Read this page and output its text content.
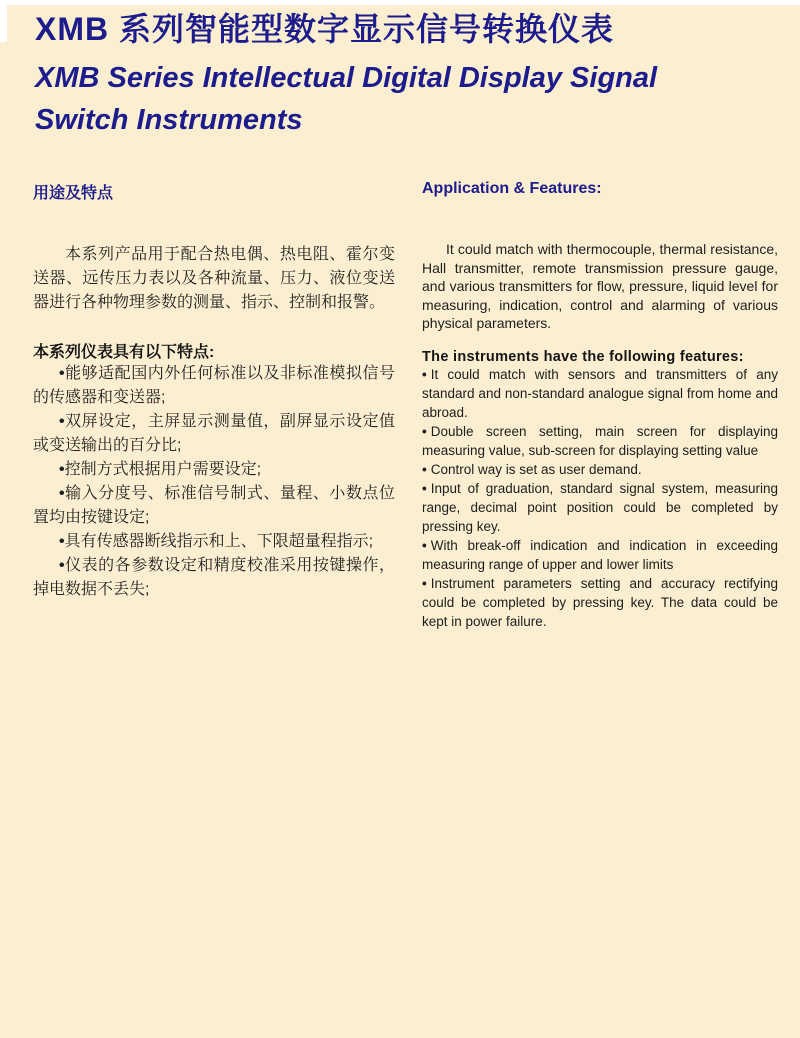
XMB 系列智能型数字显示信号转换仪表
XMB Series Intellectual Digital Display Signal
Switch Instruments
用途及特点
本系列产品用于配合热电偶、热电阻、霍尔变送器、远传压力表以及各种流量、压力、液位变送器进行各种物理参数的测量、指示、控制和报警。
本系列仪表具有以下特点:
•能够适配国内外任何标准以及非标准模拟信号的传感器和变送器;
•双屏设定，主屏显示测量值，副屏显示设定值或变送输出的百分比;
•控制方式根据用户需要设定;
•输入分度号、标准信号制式、量程、小数点位置均由按键设定;
•具有传感器断线指示和上、下限超量程指示;
•仪表的各参数设定和精度校准采用按键操作，掉电数据不丢失;
Application & Features:
It could match with thermocouple, thermal resistance, Hall transmitter, remote transmission pressure gauge, and various transmitters for flow, pressure, liquid level for measuring, indication, control and alarming of various physical parameters.
The instruments have the following features:
• It could match with sensors and transmitters of any standard and non-standard analogue signal from home and abroad.
• Double screen setting, main screen for displaying measuring value, sub-screen for displaying setting value
• Control way is set as user demand.
• Input of graduation, standard signal system, measuring range, decimal point position could be completed by pressing key.
• With break-off indication and indication in exceeding measuring range of upper and lower limits
• Instrument parameters setting and accuracy rectifying could be completed by pressing key. The data could be kept in power failure.
